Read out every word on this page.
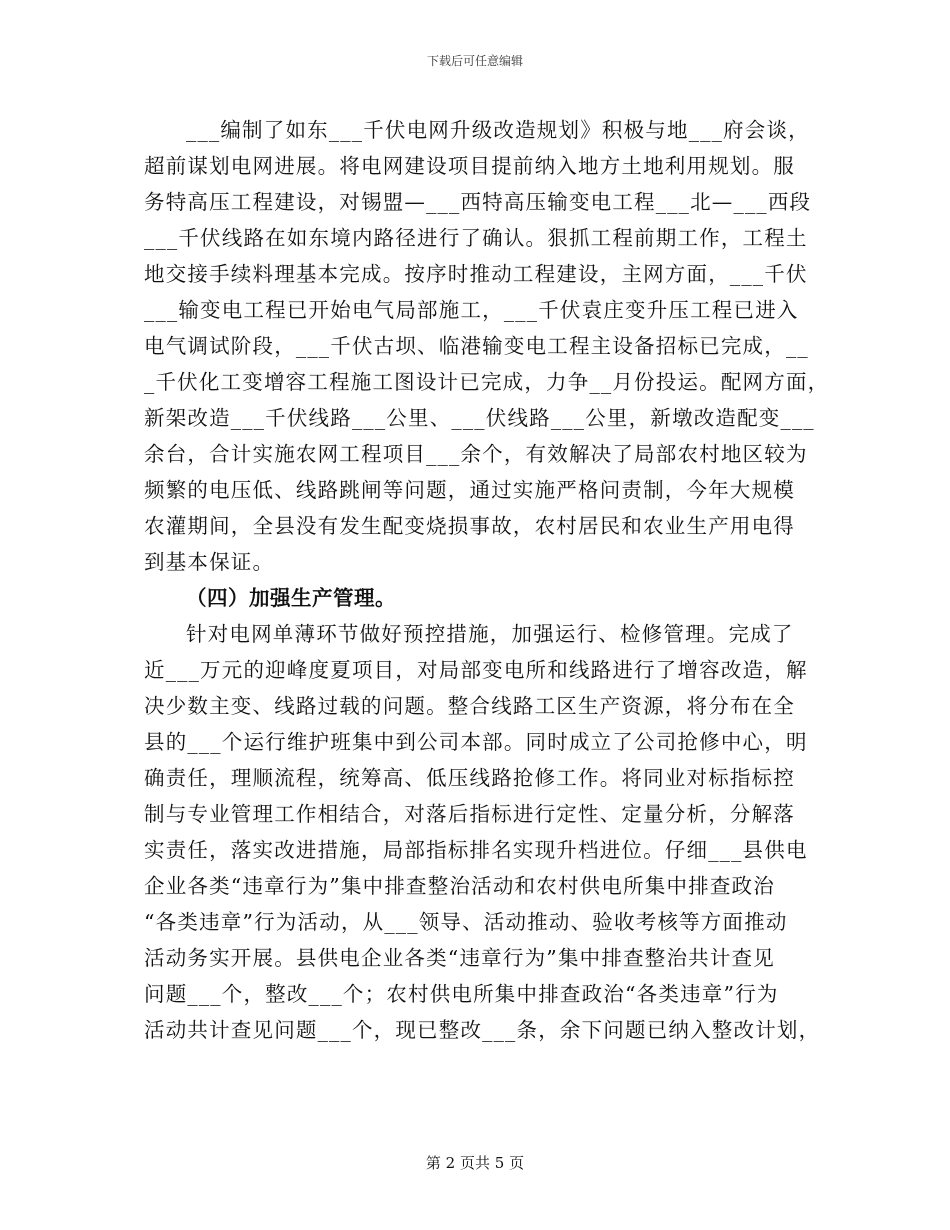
下载后可任意编辑
___编制了如东___千伏电网升级改造规划》积极与地___府会谈，
超前谋划电网进展。将电网建设项目提前纳入地方土地利用规划。服
务特高压工程建设，对锡盟—___西特高压输变电工程___北—___西段
___千伏线路在如东境内路径进行了确认。狠抓工程前期工作，工程土
地交接手续料理基本完成。按序时推动工程建设，主网方面，___千伏
___输变电工程已开始电气局部施工，___千伏袁庄变升压工程已进入
电气调试阶段，___千伏古坝、临港输变电工程主设备招标已完成，__
_千伏化工变增容工程施工图设计已完成，力争__月份投运。配网方面，
新架改造___千伏线路___公里、___伏线路___公里，新墩改造配变___
余台，合计实施农网工程项目___余个，有效解决了局部农村地区较为
频繁的电压低、线路跳闸等问题，通过实施严格问责制，今年大规模
农灌期间，全县没有发生配变烧损事故，农村居民和农业生产用电得
到基本保证。
（四）加强生产管理。
针对电网单薄环节做好预控措施，加强运行、检修管理。完成了
近___万元的迎峰度夏项目，对局部变电所和线路进行了增容改造，解
决少数主变、线路过载的问题。整合线路工区生产资源，将分布在全
县的___个运行维护班集中到公司本部。同时成立了公司抢修中心，明
确责任，理顺流程，统筹高、低压线路抢修工作。将同业对标指标控
制与专业管理工作相结合，对落后指标进行定性、定量分析，分解落
实责任，落实改进措施，局部指标排名实现升档进位。仔细___县供电
企业各类“违章行为”集中排查整治活动和农村供电所集中排查政治
“各类违章”行为活动，从___领导、活动推动、验收考核等方面推动
活动务实开展。县供电企业各类“违章行为”集中排查整治共计查见
问题___个，整改___个；农村供电所集中排查政治“各类违章”行为
活动共计查见问题___个，现已整改___条，余下问题已纳入整改计划，
第 2 页共 5 页
